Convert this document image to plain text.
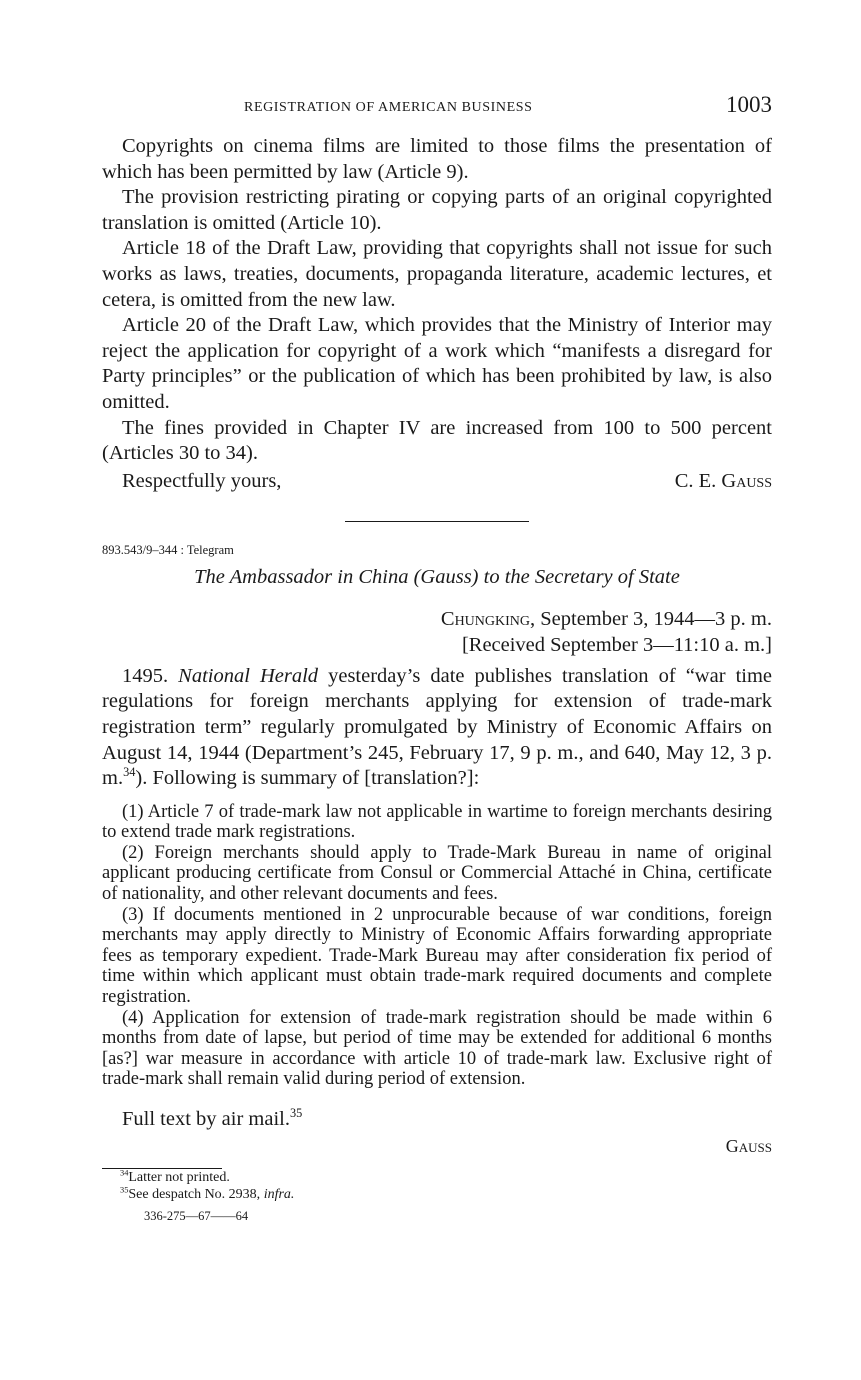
REGISTRATION OF AMERICAN BUSINESS	1003

Copyrights on cinema films are limited to those films the presentation of which has been permitted by law (Article 9).

The provision restricting pirating or copying parts of an original copyrighted translation is omitted (Article 10).

Article 18 of the Draft Law, providing that copyrights shall not issue for such works as laws, treaties, documents, propaganda literature, academic lectures, et cetera, is omitted from the new law.

Article 20 of the Draft Law, which provides that the Ministry of Interior may reject the application for copyright of a work which “manifests a disregard for Party principles” or the publication of which has been prohibited by law, is also omitted.

The fines provided in Chapter IV are increased from 100 to 500 percent (Articles 30 to 34).

Respectfully yours,	C. E. Gauss
893.543/9–344 : Telegram
The Ambassador in China (Gauss) to the Secretary of State
Chungking, September 3, 1944—3 p. m.
[Received September 3—11:10 a. m.]

1495. National Herald yesterday’s date publishes translation of “war time regulations for foreign merchants applying for extension of trade-mark registration term” regularly promulgated by Ministry of Economic Affairs on August 14, 1944 (Department’s 245, February 17, 9 p. m., and 640, May 12, 3 p. m.$^{34}$). Following is summary of [translation?]:

(1) Article 7 of trade-mark law not applicable in wartime to foreign merchants desiring to extend trade mark registrations.

(2) Foreign merchants should apply to Trade-Mark Bureau in name of original applicant producing certificate from Consul or Commercial Attaché in China, certificate of nationality, and other relevant documents and fees.

(3) If documents mentioned in 2 unprocurable because of war conditions, foreign merchants may apply directly to Ministry of Economic Affairs forwarding appropriate fees as temporary expedient. Trade-Mark Bureau may after consideration fix period of time within which applicant must obtain trade-mark required documents and complete registration.

(4) Application for extension of trade-mark registration should be made within 6 months from date of lapse, but period of time may be extended for additional 6 months [as?] war measure in accordance with article 10 of trade-mark law. Exclusive right of trade-mark shall remain valid during period of extension.

Full text by air mail.$^{35}$
Gauss
$^{34}$Latter not printed.
$^{35}$See despatch No. 2938, infra.
336-275—67——64
